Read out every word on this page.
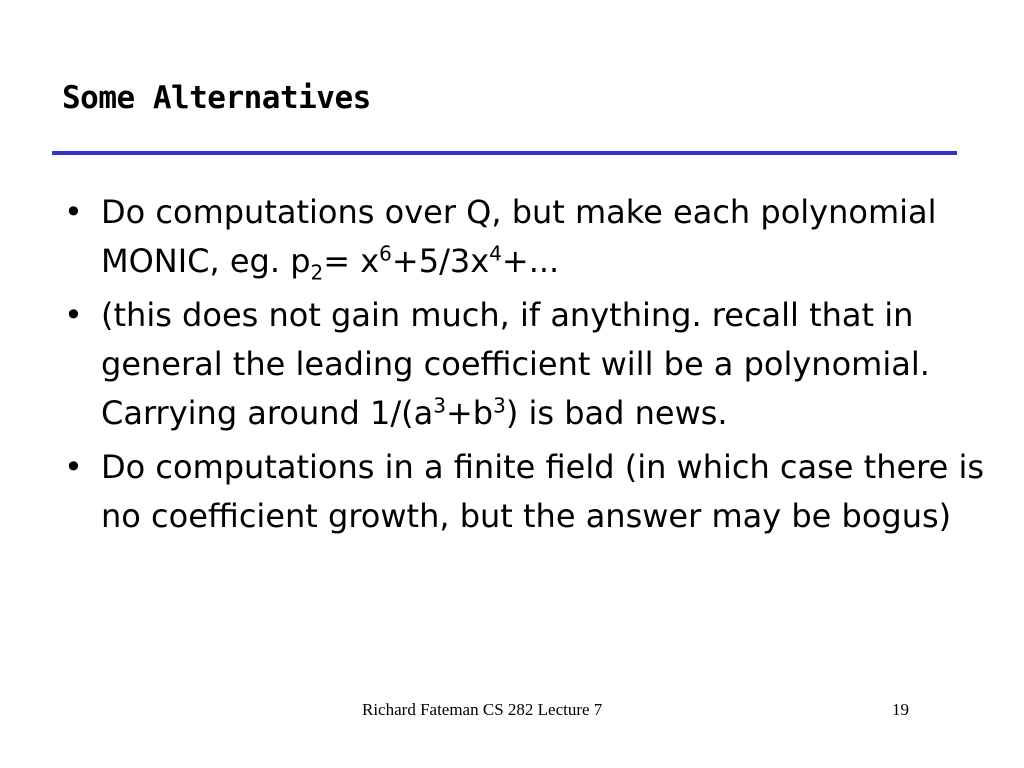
Some Alternatives
• Do computations over Q, but make each polynomial MONIC, eg. $p_2= x^6+5/3x^4+$...
• (this does not gain much, if anything. recall that in general the leading coefficient will be a polynomial. Carrying around $1/(a^3+b^3)$ is bad news.
• Do computations in a finite field (in which case there is no coefficient growth, but the answer may be bogus)
Richard Fateman CS 282 Lecture 7	19
